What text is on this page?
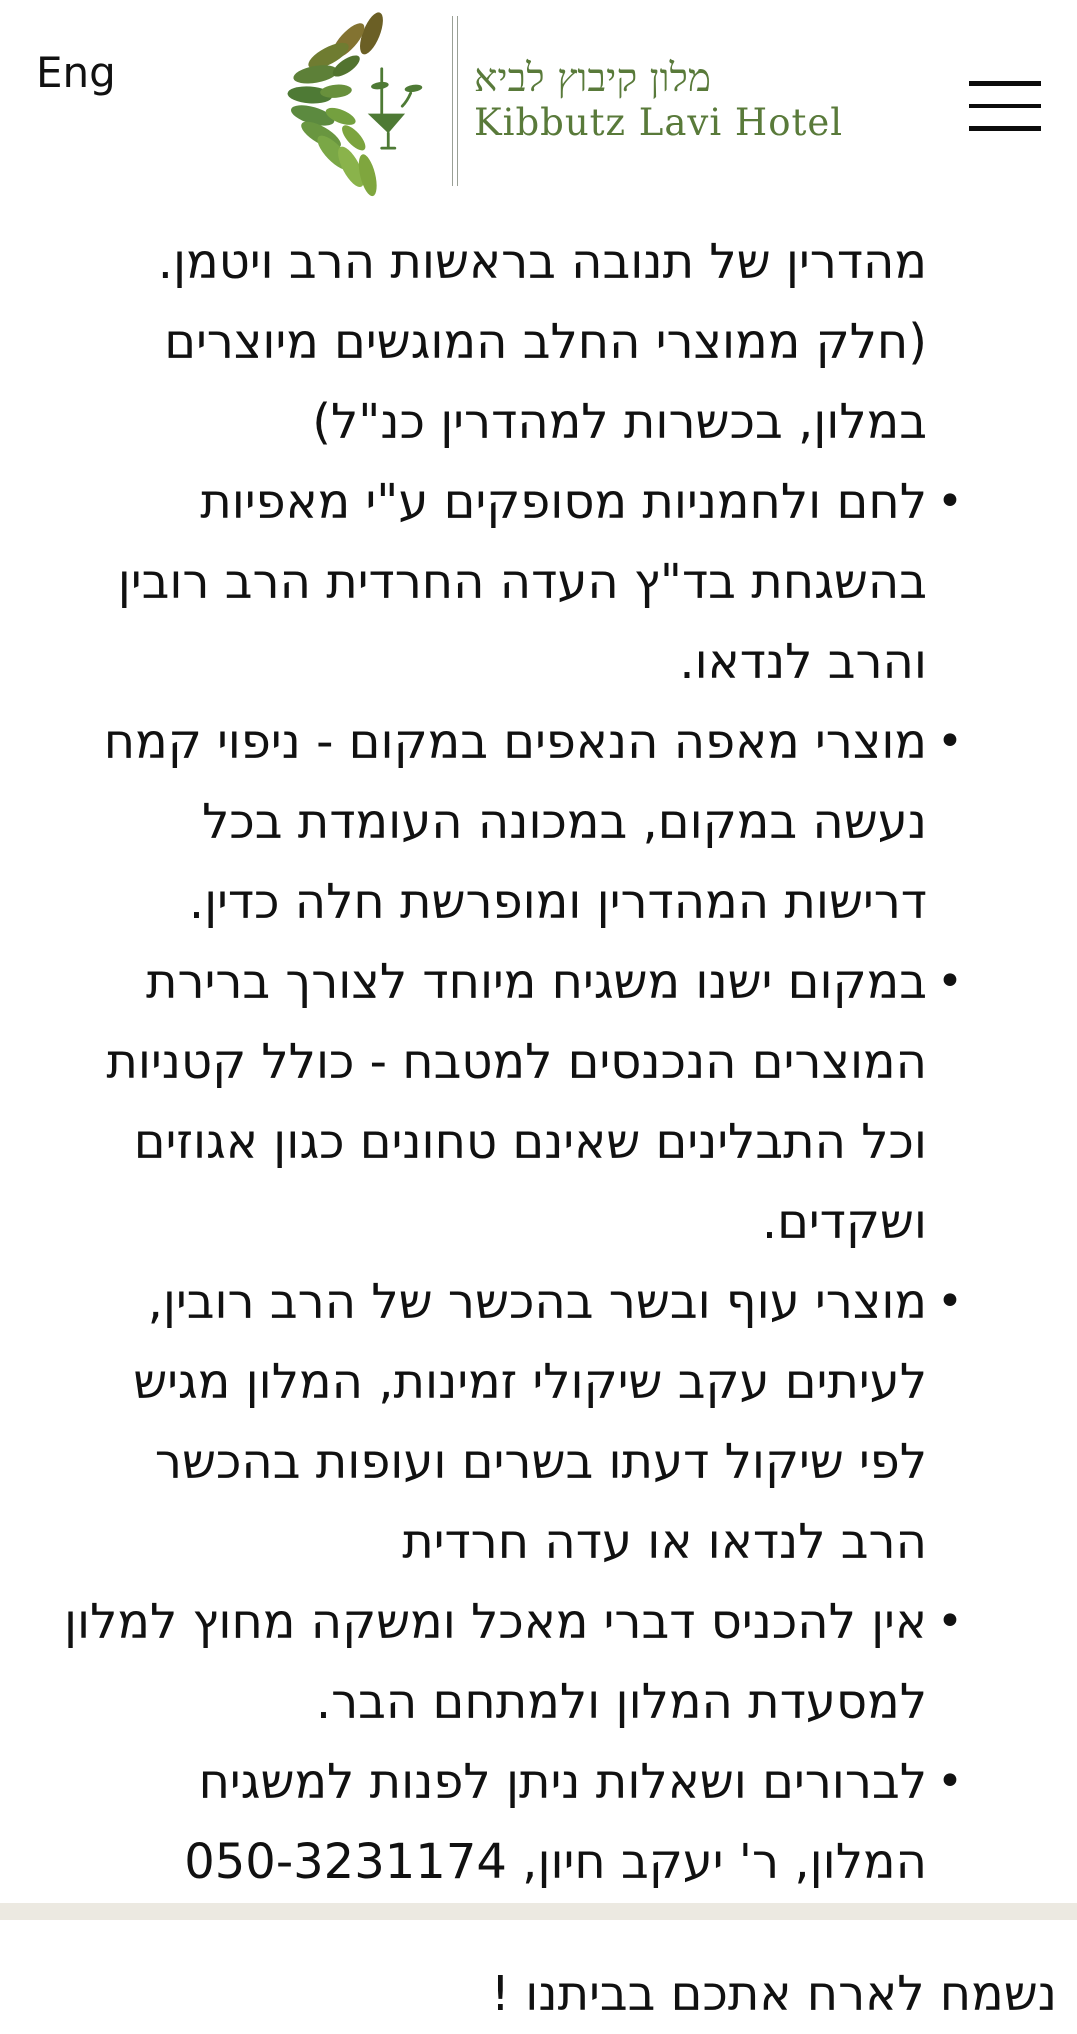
Eng	מלון קיבוץ לביא
Kibbutz Lavi Hotel

מהדרין של תנובה בראשות הרב ויטמן. (חלק ממוצרי החלב המוגשים מיוצרים במלון, בכשרות למהדרין כנ"ל)

• לחם ולחמניות מסופקים ע"י מאפיות בהשגחת בד"ץ העדה החרדית הרב רובין והרב לנדאו.
• מוצרי מאפה הנאפים במקום - ניפוי קמח נעשה במקום, במכונה העומדת בכל דרישות המהדרין ומופרשת חלה כדין.
• במקום ישנו משגיח מיוחד לצורך ברירת המוצרים הנכנסים למטבח - כולל קטניות וכל התבלינים שאינם טחונים כגון אגוזים ושקדים.
• מוצרי עוף ובשר בהכשר של הרב רובין, לעיתים עקב שיקולי זמינות, המלון מגיש לפי שיקול דעתו בשרים ועופות בהכשר הרב לנדאו או עדה חרדית
• אין להכניס דברי מאכל ומשקה מחוץ למלון למסעדת המלון ולמתחם הבר.
• לברורים ושאלות ניתן לפנות למשגיח המלון, ר' יעקב חיון, 050-3231174

נשמח לארח אתכם בביתנו !
